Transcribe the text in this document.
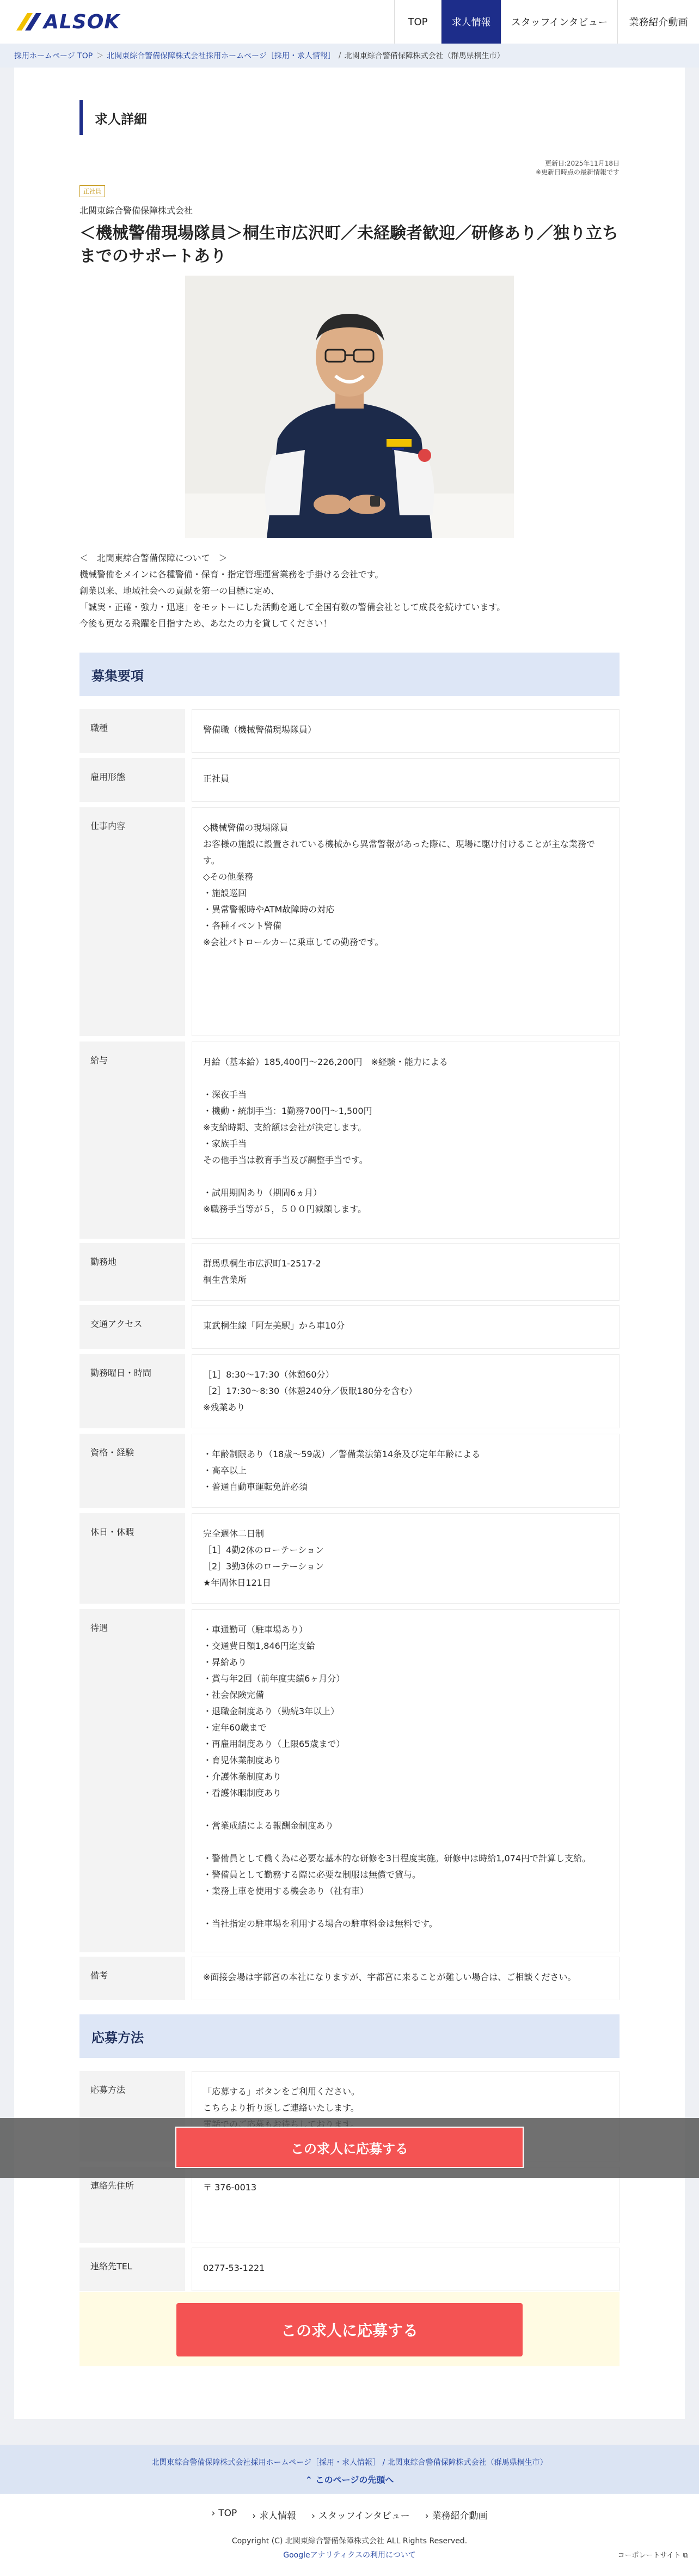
ALSOK	TOP	求人情報	スタッフインタビュー	業務紹介動画
採用ホームページ TOP ＞ 北関東綜合警備保障株式会社採用ホームページ［採用・求人情報］ / 北関東綜合警備保障株式会社（群馬県桐生市）
求人詳細
更新日:2025年11月18日
※更新日時点の最新情報です
正社員
北関東綜合警備保障株式会社
＜機械警備現場隊員＞桐生市広沢町／未経験者歓迎／研修あり／独り立ちまでのサポートあり

＜　北関東綜合警備保障について　＞

機械警備をメインに各種警備・保育・指定管理運営業務を手掛ける会社です。

創業以来、地域社会への貢献を第一の目標に定め、

「誠実・正確・強力・迅速」をモットーにした活動を通して全国有数の警備会社として成長を続けています。

今後も更なる飛躍を目指すため、あなたの力を貸してください！

募集要項
職種	警備職（機械警備現場隊員）
雇用形態	正社員
仕事内容	◇機械警備の現場隊員
お客様の施設に設置されている機械から異常警報があった際に、現場に駆け付けることが主な業務です。
◇その他業務
・施設巡回
・異常警報時やATM故障時の対応
・各種イベント警備
※会社パトロールカーに乗車しての勤務です。
給与	月給（基本給）185,400円〜226,200円　※経験・能力による

・深夜手当
・機動・統制手当：1勤務700円〜1,500円
※支給時期、支給額は会社が決定します。
・家族手当
その他手当は教育手当及び調整手当です。

・試用期間あり（期間6ヵ月）
※職務手当等が５，５００円減額します。
勤務地	群馬県桐生市広沢町1-2517-2
桐生営業所
交通アクセス	東武桐生線「阿左美駅」から車10分
勤務曜日・時間	［1］8:30〜17:30（休憩60分）
［2］17:30〜8:30（休憩240分／仮眠180分を含む）
※残業あり
資格・経験	・年齢制限あり（18歳〜59歳）／警備業法第14条及び定年年齢による
・高卒以上
・普通自動車運転免許必須
休日・休暇	完全週休二日制
［1］4勤2休のローテーション
［2］3勤3休のローテーション
★年間休日121日
待遇	・車通勤可（駐車場あり）
・交通費日額1,846円迄支給
・昇給あり
・賞与年2回（前年度実績6ヶ月分）
・社会保険完備
・退職金制度あり（勤続3年以上）
・定年60歳まで
・再雇用制度あり（上限65歳まで）
・育児休業制度あり
・介護休業制度あり
・看護休暇制度あり

・営業成績による報酬金制度あり

・警備員として働く為に必要な基本的な研修を3日程度実施。研修中は時給1,074円で計算し支給。
・警備員として勤務する際に必要な制服は無償で貸与。
・業務上車を使用する機会あり（社有車）

・当社指定の駐車場を利用する場合の駐車料金は無料です。
備考	※面接会場は宇都宮の本社になりますが、宇都宮に来ることが難しい場合は、ご相談ください。
応募方法
応募方法	「応募する」ボタンをご利用ください。
こちらより折り返しご連絡いたします。

連絡先住所	〒 376-0013
連絡先TEL	0277-53-1221
この求人に応募する
この求人に応募する
北関東綜合警備保障株式会社採用ホームページ［採用・求人情報］ / 北関東綜合警備保障株式会社（群馬県桐生市）
⌃ このページの先頭へ
› TOP	› 求人情報	› スタッフインタビュー	› 業務紹介動画
Copyright (C) 北関東綜合警備保障株式会社 ALL Rights Reserved.
Googleアナリティクスの利用について	コーポレートサイト ⧉
